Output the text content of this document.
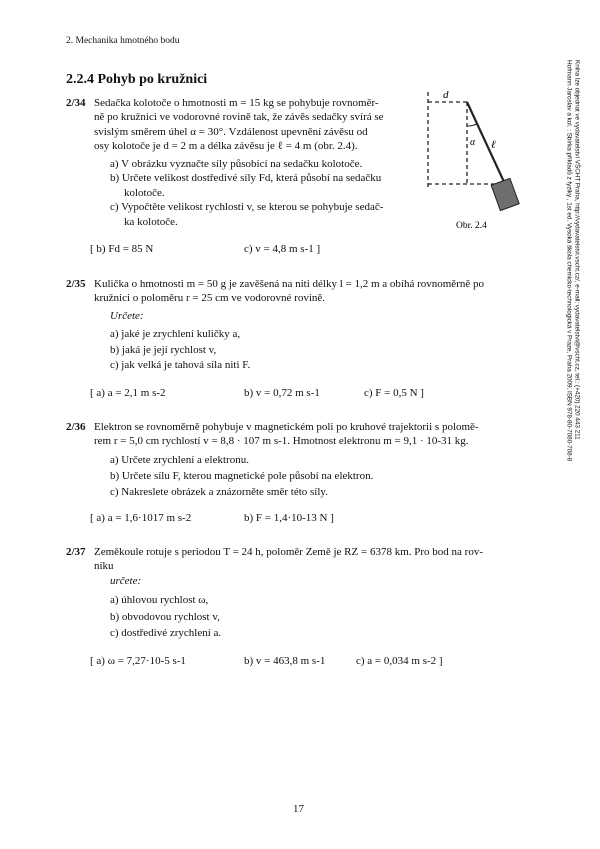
2. Mechanika hmotného bodu
Hofmann Jaroslav a kol. : Sbírka příkladů z fyziky , 1st ed. Vysoká škola chemicko-technologická v Praze, Praha 2009, ISBN 978-80-7080-708-8 Kniha lze objednat ve vydavatelství VŠCHT Praha, http://vydavatelstvi.vscht.cz/, e-mail: vydavatelstvi@vscht.cz, tel.: (+420) 220 443 211
2.2.4 Pohyb po kružnici
2/34 Sedačka kolotoče o hmotnosti m = 15 kg se pohybuje rovnoměr-
ně po kružnici ve vodorovné rovině tak, že závěs sedačky svírá se
svislým směrem úhel α = 30°. Vzdálenost upevnění závěsu od
osy kolotoče je d = 2 m a délka závěsu je ℓ = 4 m (obr. 2.4).
a) V obrázku vyznačte síly působící na sedačku kolotoče.
b) Určete velikost dostředivé síly Fd, která působí na sedačku
kolotoče.
c) Vypočtěte velikost rychlosti v, se kterou se pohybuje sedač-
ka kolotoče.
[ b) Fd = 85 N	c) v = 4,8 m s-1 ]
d
α ℓ
Obr. 2.4
2/35 Kulička o hmotnosti m = 50 g je zavěšená na niti délky l = 1,2 m a obíhá rovnoměrně po
kružnici o poloměru r = 25 cm ve vodorovné rovině.
Určete:
a) jaké je zrychlení kuličky a,
b) jaká je její rychlost v,
c) jak velká je tahová síla niti F.
[ a) a = 2,1 m s-2	b) v = 0,72 m s-1	c) F = 0,5 N ]
2/36 Elektron se rovnoměrně pohybuje v magnetickém poli po kruhové trajektorii s polomě-
rem r = 5,0 cm rychlostí v = 8,8 · 107 m s-1. Hmotnost elektronu m = 9,1 · 10-31 kg.
a) Určete zrychlení a elektronu.
b) Určete sílu F, kterou magnetické pole působí na elektron.
c) Nakreslete obrázek a znázorněte směr této síly.
[ a) a = 1,6·1017 m s-2	b) F = 1,4·10-13 N ]
2/37 Zeměkoule rotuje s periodou T = 24 h, poloměr Země je RZ = 6378 km. Pro bod na rov-
níku
určete:
a) úhlovou rychlost ω,
b) obvodovou rychlost v,
c) dostředivé zrychlení a.
[ a) ω = 7,27·10-5 s-1	b) v = 463,8 m s-1	c) a = 0,034 m s-2 ]
17
